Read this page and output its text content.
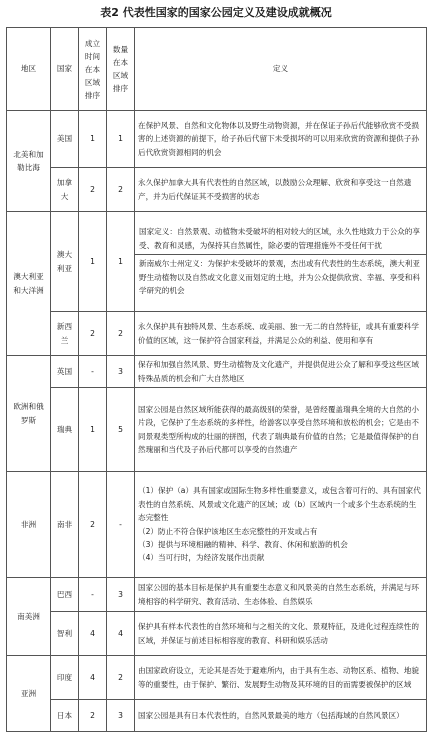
表2 代表性国家的国家公园定义及建设成就概况
地区	国家	成立时间在本区域排序	数量在本区域排序	定义
北美和加勒比海	美国	1	1	在保护风景、自然和文化物体以及野生动物资源，并在保证子孙后代能够欣赏不受损害的上述资源的前提下，给子孙后代留下未受损坏的可以用来欣赏的资源和提供子孙后代欣赏资源相同的机会
	加拿大	2	2	永久保护加拿大具有代表性的自然区域，以鼓励公众理解、欣赏和享受这一自然遗产，并为后代保证其不受损害的状态
澳大利亚和大洋洲	澳大利亚	1	1	国家定义：自然景观、动植物未受破坏的相对较大的区域，永久性地致力于公众的享受、教育和灵感，为保持其自然属性，除必要的管理措施外不受任何干扰
新南威尔士州定义：为保护未受破坏的景观，杰出或有代表性的生态系统，澳大利亚野生动植物以及自然或文化意义而划定的土地，并为公众提供欣赏、幸福、享受和科学研究的机会

	新西兰	2	2	永久保护具有独特风景、生态系统、或美丽、独一无二的自然特征，或具有重要科学价值的区域，这一保护符合国家利益，并满足公众的利益、使用和享有
欧洲和俄罗斯	英国	-	3	保存和加强自然风景、野生动植物及文化遗产，并提供促进公众了解和享受这些区域特殊品质的机会和广大自然地区
	瑞典	1	5	国家公园是自然区域所能获得的最高级别的荣誉，是曾经覆盖瑞典全境的大自然的小片段，它保护了生态系统的多样性，给游客以享受自然环境和放松的机会；它是由不同景观类型所构成的壮丽的拼图，代表了瑞典最有价值的自然；它是最值得保护的自然瑰丽和当代及子孙后代都可以享受的自然遗产
非洲	南非	2	-	（1）保护（a）具有国家或国际生物多样性重要意义，或包含着可行的、具有国家代表性的自然系统、风景或文化遗产的区域；或（b）区域内一个或多个生态系统的生态完整性
（2）防止不符合保护该地区生态完整性的开发或占有
（3）提供与环境相融的精神、科学、教育、休闲和旅游的机会
（4）当可行时，为经济发展作出贡献

南美洲	巴西	-	3	国家公园的基本目标是保护具有重要生态意义和风景美的自然生态系统，并满足与环境相容的科学研究、教育活动、生态体验、自然娱乐
	智利	4	4	保护具有样本代表性的自然环境和与之相关的文化、景观特征，及进化过程连续性的区域，并保证与前述目标相容度的教育、科研和娱乐活动
亚洲	印度	4	2	由国家政府设立，无论其是否处于避难所内，由于具有生态、动物区系、植物、地貌等的重要性，由于保护、繁衍、发展野生动物及其环境的目的而需要被保护的区域
	日本	2	3	国家公园是具有日本代表性的，自然风景最美的地方（包括海域的自然风景区）
